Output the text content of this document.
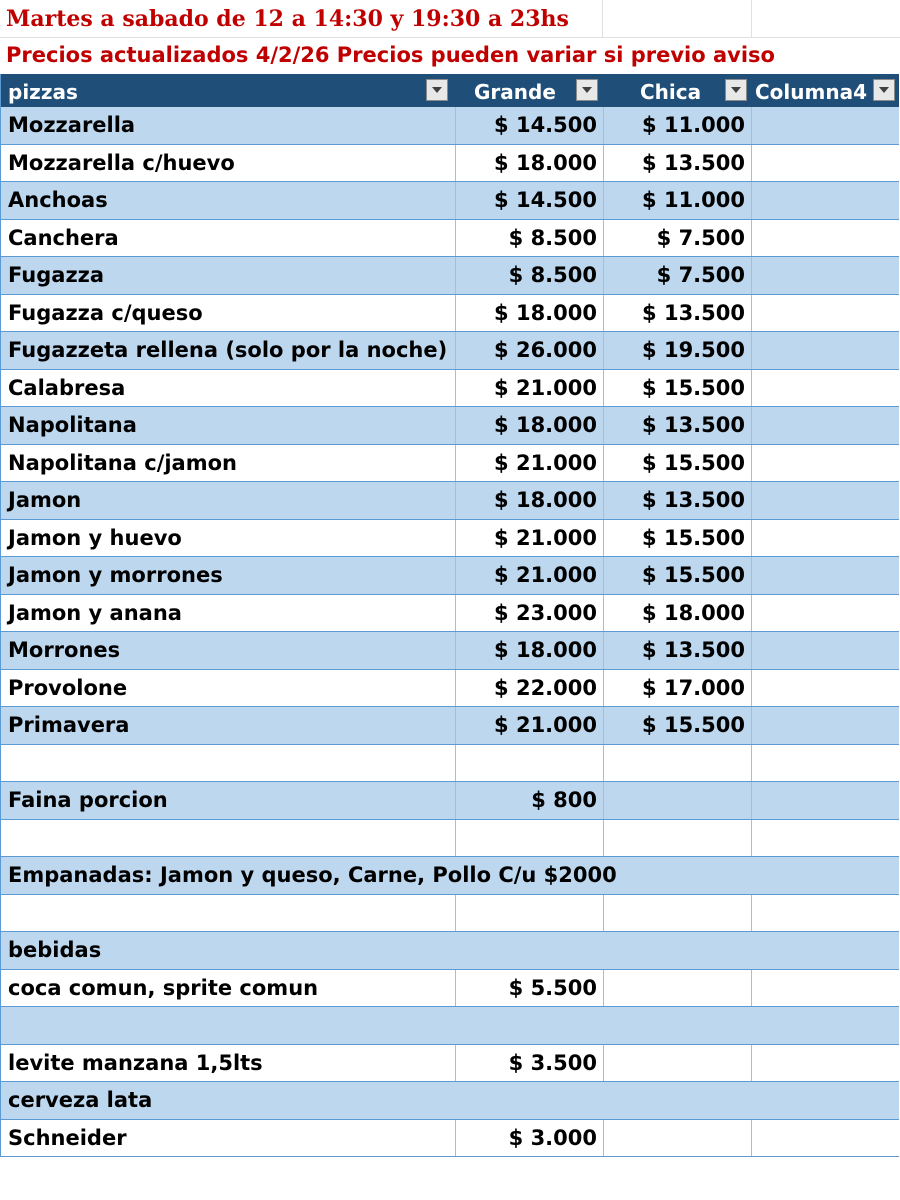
Martes a sabado de 12 a 14:30 y 19:30 a 23hs
Precios actualizados 4/2/26 Precios pueden variar si previo aviso
pizzas	Grande	Chica	Columna4
Mozzarella	$ 14.500	$ 11.000
Mozzarella c/huevo	$ 18.000	$ 13.500
Anchoas	$ 14.500	$ 11.000
Canchera	$ 8.500	$ 7.500
Fugazza	$ 8.500	$ 7.500
Fugazza c/queso	$ 18.000	$ 13.500
Fugazzeta rellena (solo por la noche)	$ 26.000	$ 19.500
Calabresa	$ 21.000	$ 15.500
Napolitana	$ 18.000	$ 13.500
Napolitana c/jamon	$ 21.000	$ 15.500
Jamon	$ 18.000	$ 13.500
Jamon y huevo	$ 21.000	$ 15.500
Jamon y morrones	$ 21.000	$ 15.500
Jamon y anana	$ 23.000	$ 18.000
Morrones	$ 18.000	$ 13.500
Provolone	$ 22.000	$ 17.000
Primavera	$ 21.000	$ 15.500
Faina porcion	$ 800
Empanadas: Jamon y queso, Carne, Pollo C/u $2000
bebidas
coca comun, sprite comun	$ 5.500
levite manzana 1,5lts	$ 3.500
cerveza lata
Schneider	$ 3.000
